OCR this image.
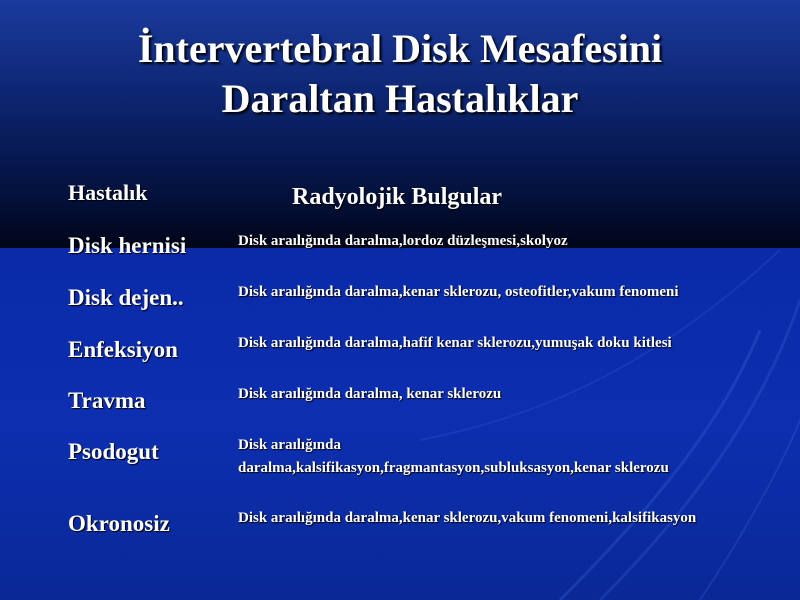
İntervertebral Disk Mesafesini
Daraltan Hastalıklar
Hastalık	Radyolojik Bulgular
Disk hernisi	Disk araılığında daralma,lordoz düzleşmesi,skolyoz
Disk dejen..	Disk araılığında daralma,kenar sklerozu, osteofitler,vakum fenomeni
Enfeksiyon	Disk araılığında daralma,hafif kenar sklerozu,yumuşak doku kitlesi
Travma	Disk araılığında daralma, kenar sklerozu
Psodogut	Disk araılığında daralma,kalsifikasyon,fragmantasyon,subluksasyon,kenar sklerozu
Okronosiz	Disk araılığında daralma,kenar sklerozu,vakum fenomeni,kalsifikasyon
